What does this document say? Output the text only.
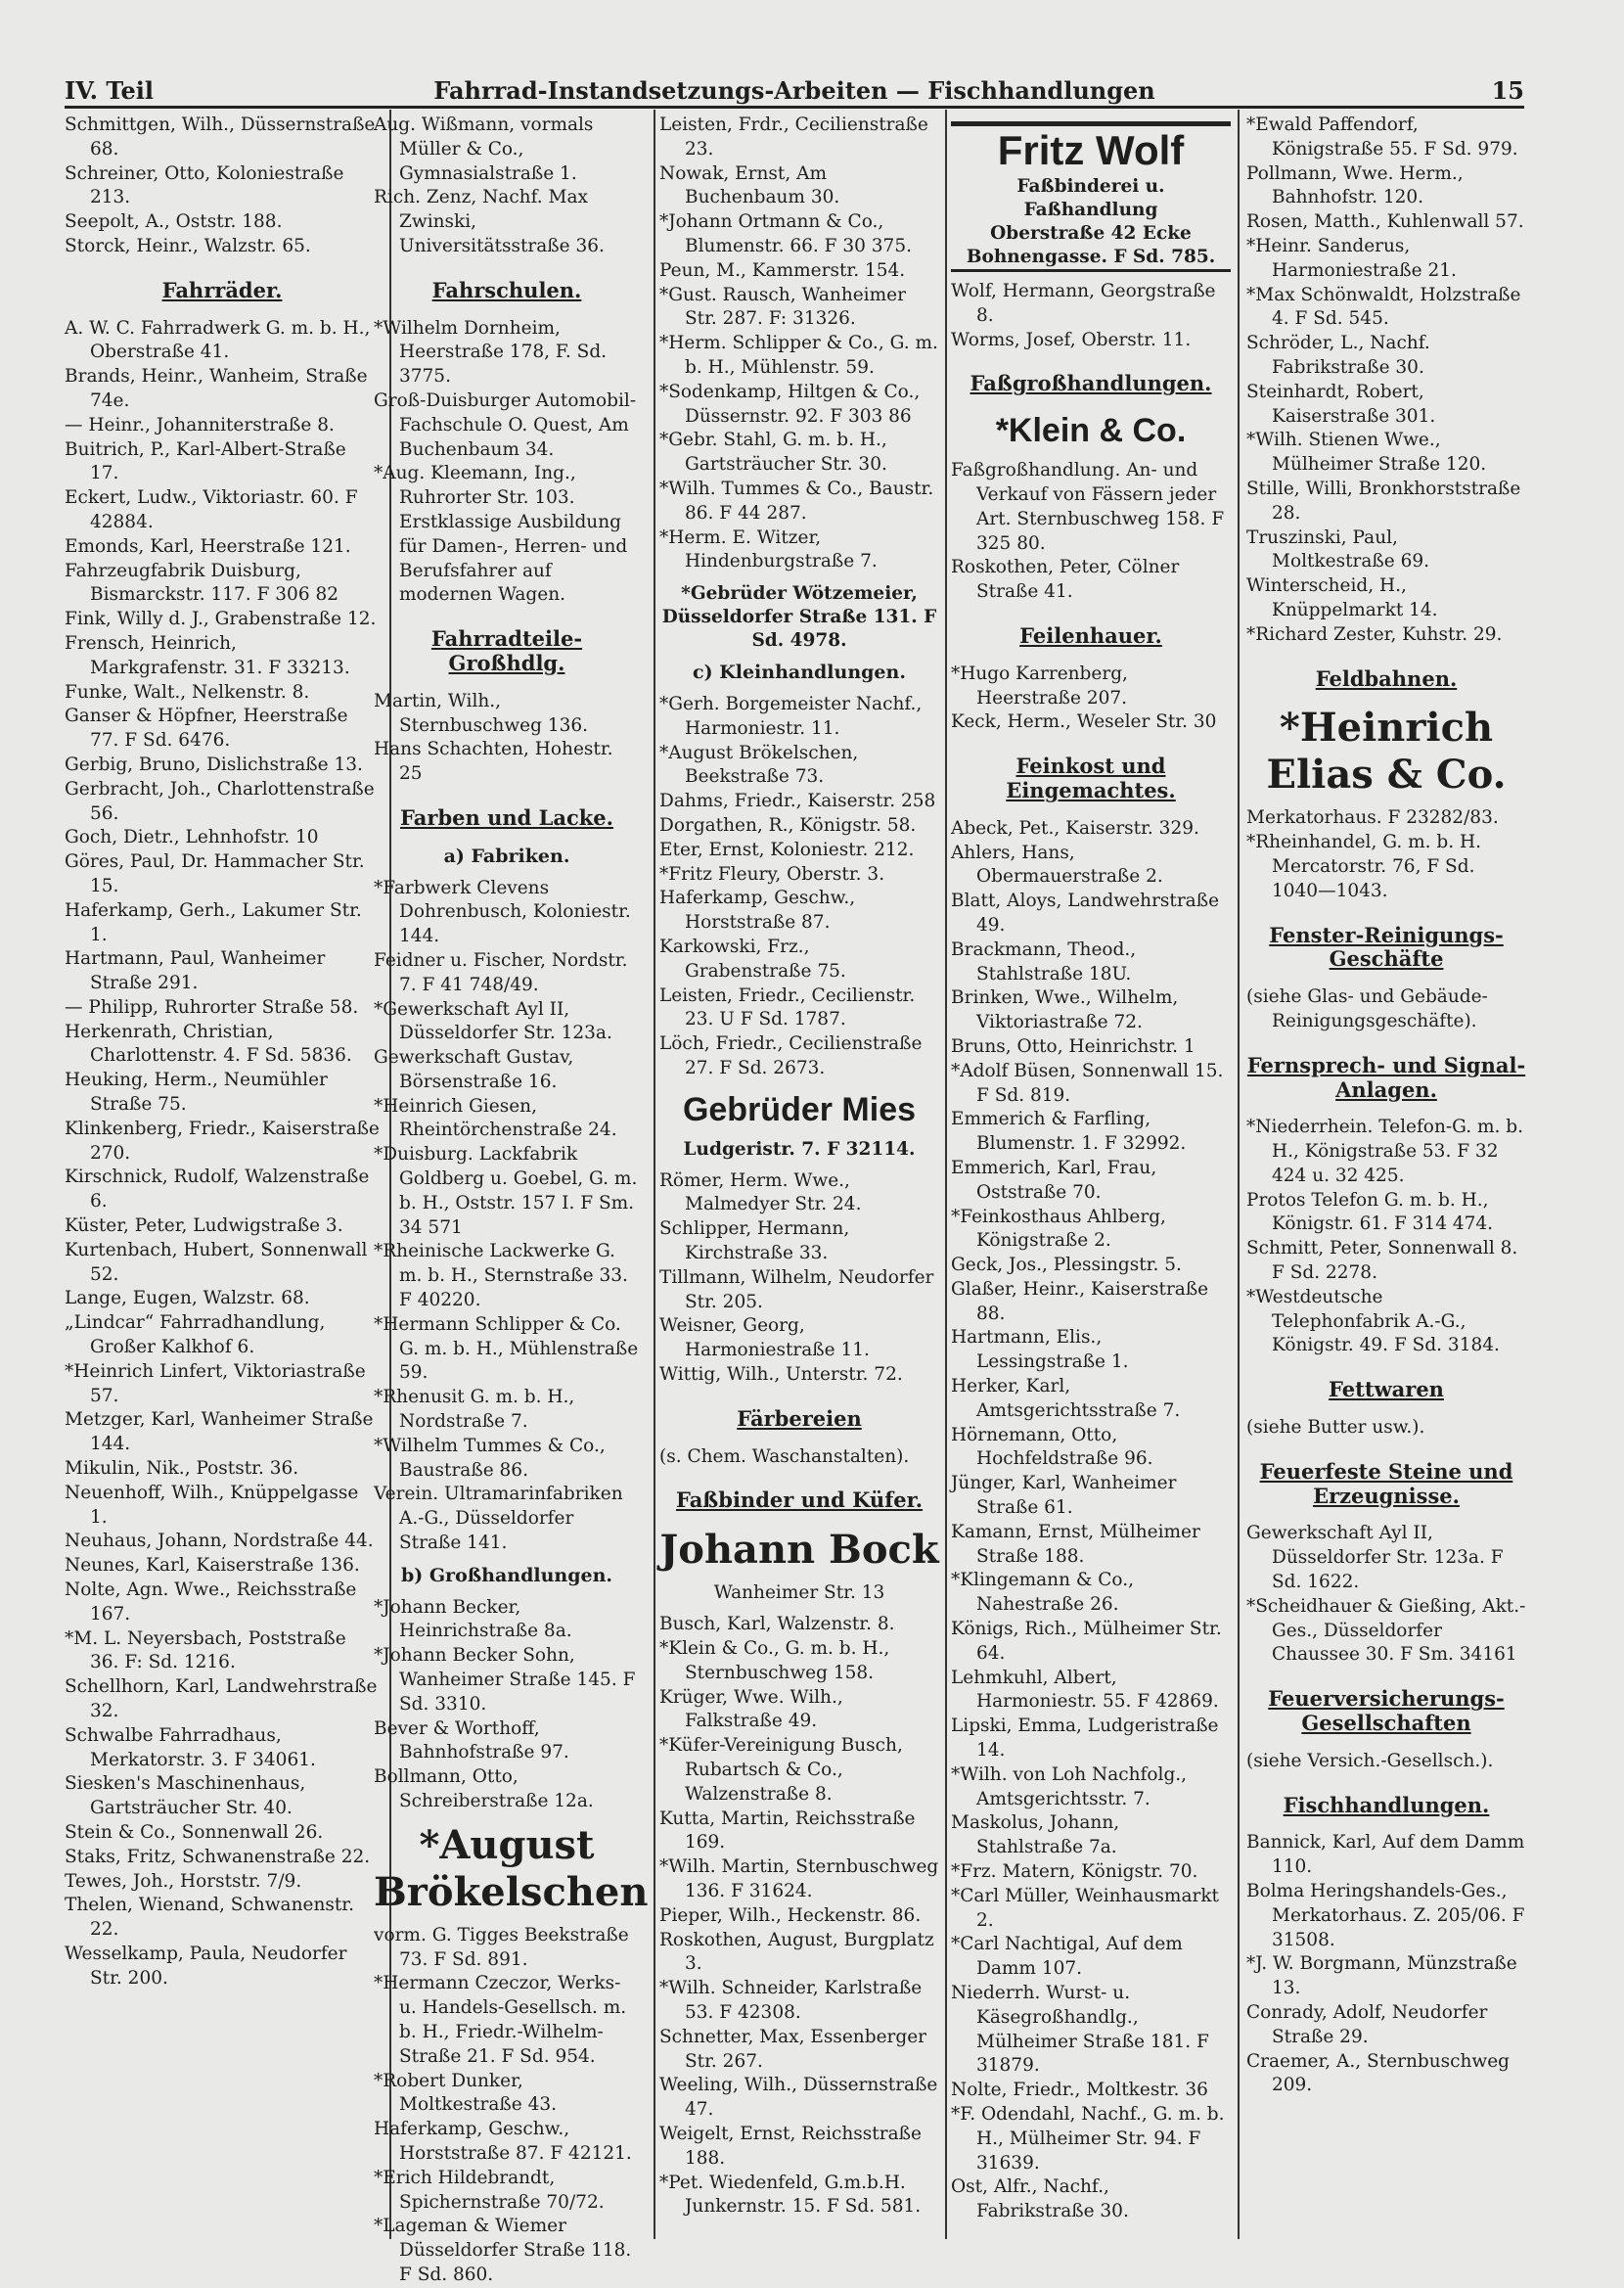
IV. Teil	Fahrrad-Instandsetzungs-Arbeiten — Fischhandlungen	15

Schmittgen, Wilh., Düssernstraße 68.

Schreiner, Otto, Koloniestraße 213.

Seepolt, A., Oststr. 188.

Storck, Heinr., Walzstr. 65.

Fahrräder.

A. W. C. Fahrradwerk G. m. b. H., Oberstraße 41.

Brands, Heinr., Wanheim, Straße 74e.

— Heinr., Johanniterstraße 8.

Buitrich, P., Karl-Albert-Straße 17.

Eckert, Ludw., Viktoriastr. 60. F 42884.

Emonds, Karl, Heerstraße 121.

Fahrzeugfabrik Duisburg, Bismarckstr. 117. F 306 82

Fink, Willy d. J., Grabenstraße 12.

Frensch, Heinrich, Markgrafenstr. 31. F 33213.

Funke, Walt., Nelkenstr. 8.

Ganser & Höpfner, Heerstraße 77. F Sd. 6476.

Gerbig, Bruno, Dislichstraße 13.

Gerbracht, Joh., Charlottenstraße 56.

Goch, Dietr., Lehnhofstr. 10

Göres, Paul, Dr. Hammacher Str. 15.

Haferkamp, Gerh., Lakumer Str. 1.

Hartmann, Paul, Wanheimer Straße 291.

— Philipp, Ruhrorter Straße 58.

Herkenrath, Christian, Charlottenstr. 4. F Sd. 5836.

Heuking, Herm., Neumühler Straße 75.

Klinkenberg, Friedr., Kaiserstraße 270.

Kirschnick, Rudolf, Walzenstraße 6.

Küster, Peter, Ludwigstraße 3.

Kurtenbach, Hubert, Sonnenwall 52.

Lange, Eugen, Walzstr. 68.

„Lindcar“ Fahrradhandlung, Großer Kalkhof 6.

*Heinrich Linfert, Viktoriastraße 57.

Metzger, Karl, Wanheimer Straße 144.

Mikulin, Nik., Poststr. 36.

Neuenhoff, Wilh., Knüppelgasse 1.

Neuhaus, Johann, Nordstraße 44.

Neunes, Karl, Kaiserstraße 136.

Nolte, Agn. Wwe., Reichsstraße 167.

*M. L. Neyersbach, Poststraße 36. F: Sd. 1216.

Schellhorn, Karl, Landwehrstraße 32.

Schwalbe Fahrradhaus, Merkatorstr. 3. F 34061.

Siesken's Maschinenhaus, Gartsträucher Str. 40.

Stein & Co., Sonnenwall 26.

Staks, Fritz, Schwanenstraße 22.

Tewes, Joh., Horststr. 7/9.

Thelen, Wienand, Schwanenstr. 22.

Wesselkamp, Paula, Neudorfer Str. 200.

Aug. Wißmann, vormals Müller & Co., Gymnasialstraße 1.

Rich. Zenz, Nachf. Max Zwinski, Universitätsstraße 36.

Fahrschulen.

*Wilhelm Dornheim, Heerstraße 178, F. Sd. 3775.

Groß-Duisburger Automobil-Fachschule O. Quest, Am Buchenbaum 34.

*Aug. Kleemann, Ing., Ruhrorter Str. 103. Erstklassige Ausbildung für Damen-, Herren- und Berufsfahrer auf modernen Wagen.

Fahrradteile-Großhdlg.

Martin, Wilh., Sternbuschweg 136.

Hans Schachten, Hohestr. 25

Farben und Lacke.
a) Fabriken.

*Farbwerk Clevens Dohrenbusch, Koloniestr. 144.

Feidner u. Fischer, Nordstr. 7. F 41 748/49.

*Gewerkschaft Ayl II, Düsseldorfer Str. 123a.

Gewerkschaft Gustav, Börsenstraße 16.

*Heinrich Giesen, Rheintörchenstraße 24.

*Duisburg. Lackfabrik Goldberg u. Goebel, G. m. b. H., Oststr. 157 I. F Sm. 34 571

*Rheinische Lackwerke G. m. b. H., Sternstraße 33. F 40220.

*Hermann Schlipper & Co. G. m. b. H., Mühlenstraße 59.

*Rhenusit G. m. b. H., Nordstraße 7.

*Wilhelm Tummes & Co., Baustraße 86.

Verein. Ultramarinfabriken A.-G., Düsseldorfer Straße 141.

b) Großhandlungen.

*Johann Becker, Heinrichstraße 8a.

*Johann Becker Sohn, Wanheimer Straße 145. F Sd. 3310.

Bever & Worthoff, Bahnhofstraße 97.

Bollmann, Otto, Schreiberstraße 12a.

*August Brökelschen

vorm. G. Tigges Beekstraße 73. F Sd. 891.

*Hermann Czeczor, Werks- u. Handels-Gesellsch. m. b. H., Friedr.-Wilhelm-Straße 21. F Sd. 954.

*Robert Dunker, Moltkestraße 43.

Haferkamp, Geschw., Horststraße 87. F 42121.

*Erich Hildebrandt, Spichernstraße 70/72.

*Lageman & Wiemer Düsseldorfer Straße 118. F Sd. 860.

Leisten, Frdr., Cecilienstraße 23.

Nowak, Ernst, Am Buchenbaum 30.

*Johann Ortmann & Co., Blumenstr. 66. F 30 375.

Peun, M., Kammerstr. 154.

*Gust. Rausch, Wanheimer Str. 287. F: 31326.

*Herm. Schlipper & Co., G. m. b. H., Mühlenstr. 59.

*Sodenkamp, Hiltgen & Co., Düssernstr. 92. F 303 86

*Gebr. Stahl, G. m. b. H., Gartsträucher Str. 30.

*Wilh. Tummes & Co., Baustr. 86. F 44 287.

*Herm. E. Witzer, Hindenburgstraße 7.

*Gebrüder Wötzemeier, Düsseldorfer Straße 131. F Sd. 4978.
c) Kleinhandlungen.

*Gerh. Borgemeister Nachf., Harmoniestr. 11.

*August Brökelschen, Beekstraße 73.

Dahms, Friedr., Kaiserstr. 258

Dorgathen, R., Königstr. 58.

Eter, Ernst, Koloniestr. 212.

*Fritz Fleury, Oberstr. 3.

Haferkamp, Geschw., Horststraße 87.

Karkowski, Frz., Grabenstraße 75.

Leisten, Friedr., Cecilienstr. 23. U F Sd. 1787.

Löch, Friedr., Cecilienstraße 27. F Sd. 2673.

Gebrüder Mies
Ludgeristr. 7. F 32114.

Römer, Herm. Wwe., Malmedyer Str. 24.

Schlipper, Hermann, Kirchstraße 33.

Tillmann, Wilhelm, Neudorfer Str. 205.

Weisner, Georg, Harmoniestraße 11.

Wittig, Wilh., Unterstr. 72.

Färbereien

(s. Chem. Waschanstalten).

Faßbinder und Küfer.
Johann Bock
Wanheimer Str. 13

Busch, Karl, Walzenstr. 8.

*Klein & Co., G. m. b. H., Sternbuschweg 158.

Krüger, Wwe. Wilh., Falkstraße 49.

*Küfer-Vereinigung Busch, Rubartsch & Co., Walzenstraße 8.

Kutta, Martin, Reichsstraße 169.

*Wilh. Martin, Sternbuschweg 136. F 31624.

Pieper, Wilh., Heckenstr. 86.

Roskothen, August, Burgplatz 3.

*Wilh. Schneider, Karlstraße 53. F 42308.

Schnetter, Max, Essenberger Str. 267.

Weeling, Wilh., Düssernstraße 47.

Weigelt, Ernst, Reichsstraße 188.

*Pet. Wiedenfeld, G.m.b.H. Junkernstr. 15. F Sd. 581.

Fritz Wolf
Faßbinderei u. Faßhandlung
Oberstraße 42 Ecke Bohnengasse. F Sd. 785.

Wolf, Hermann, Georgstraße 8.

Worms, Josef, Oberstr. 11.

Faßgroßhandlungen.
*Klein & Co.

Faßgroßhandlung. An- und Verkauf von Fässern jeder Art. Sternbuschweg 158. F 325 80.

Roskothen, Peter, Cölner Straße 41.

Feilenhauer.

*Hugo Karrenberg, Heerstraße 207.

Keck, Herm., Weseler Str. 30

Feinkost und Eingemachtes.

Abeck, Pet., Kaiserstr. 329.

Ahlers, Hans, Obermauerstraße 2.

Blatt, Aloys, Landwehrstraße 49.

Brackmann, Theod., Stahlstraße 18U.

Brinken, Wwe., Wilhelm, Viktoriastraße 72.

Bruns, Otto, Heinrichstr. 1

*Adolf Büsen, Sonnenwall 15. F Sd. 819.

Emmerich & Farfling, Blumenstr. 1. F 32992.

Emmerich, Karl, Frau, Oststraße 70.

*Feinkosthaus Ahlberg, Königstraße 2.

Geck, Jos., Plessingstr. 5.

Glaßer, Heinr., Kaiserstraße 88.

Hartmann, Elis., Lessingstraße 1.

Herker, Karl, Amtsgerichtsstraße 7.

Hörnemann, Otto, Hochfeldstraße 96.

Jünger, Karl, Wanheimer Straße 61.

Kamann, Ernst, Mülheimer Straße 188.

*Klingemann & Co., Nahestraße 26.

Königs, Rich., Mülheimer Str. 64.

Lehmkuhl, Albert, Harmoniestr. 55. F 42869.

Lipski, Emma, Ludgeristraße 14.

*Wilh. von Loh Nachfolg., Amtsgerichtsstr. 7.

Maskolus, Johann, Stahlstraße 7a.

*Frz. Matern, Königstr. 70.

*Carl Müller, Weinhausmarkt 2.

*Carl Nachtigal, Auf dem Damm 107.

Niederrh. Wurst- u. Käsegroßhandlg., Mülheimer Straße 181. F 31879.

Nolte, Friedr., Moltkestr. 36

*F. Odendahl, Nachf., G. m. b. H., Mülheimer Str. 94. F 31639.

Ost, Alfr., Nachf., Fabrikstraße 30.

*Ewald Paffendorf, Königstraße 55. F Sd. 979.

Pollmann, Wwe. Herm., Bahnhofstr. 120.

Rosen, Matth., Kuhlenwall 57.

*Heinr. Sanderus, Harmoniestraße 21.

*Max Schönwaldt, Holzstraße 4. F Sd. 545.

Schröder, L., Nachf. Fabrikstraße 30.

Steinhardt, Robert, Kaiserstraße 301.

*Wilh. Stienen Wwe., Mülheimer Straße 120.

Stille, Willi, Bronkhorststraße 28.

Truszinski, Paul, Moltkestraße 69.

Winterscheid, H., Knüppelmarkt 14.

*Richard Zester, Kuhstr. 29.

Feldbahnen.
*Heinrich Elias & Co.

Merkatorhaus. F 23282/83.

*Rheinhandel, G. m. b. H. Mercatorstr. 76, F Sd. 1040—1043.

Fenster-Reinigungs-Geschäfte

(siehe Glas- und Gebäude-Reinigungsgeschäfte).

Fernsprech- und Signal-Anlagen.

*Niederrhein. Telefon-G. m. b. H., Königstraße 53. F 32 424 u. 32 425.

Protos Telefon G. m. b. H., Königstr. 61. F 314 474.

Schmitt, Peter, Sonnenwall 8. F Sd. 2278.

*Westdeutsche Telephonfabrik A.-G., Königstr. 49. F Sd. 3184.

Fettwaren

(siehe Butter usw.).

Feuerfeste Steine und Erzeugnisse.

Gewerkschaft Ayl II, Düsseldorfer Str. 123a. F Sd. 1622.

*Scheidhauer & Gießing, Akt.-Ges., Düsseldorfer Chaussee 30. F Sm. 34161

Feuerversicherungs-Gesellschaften

(siehe Versich.-Gesellsch.).

Fischhandlungen.

Bannick, Karl, Auf dem Damm 110.

Bolma Heringshandels-Ges., Merkatorhaus. Z. 205/06. F 31508.

*J. W. Borgmann, Münzstraße 13.

Conrady, Adolf, Neudorfer Straße 29.

Craemer, A., Sternbuschweg 209.
